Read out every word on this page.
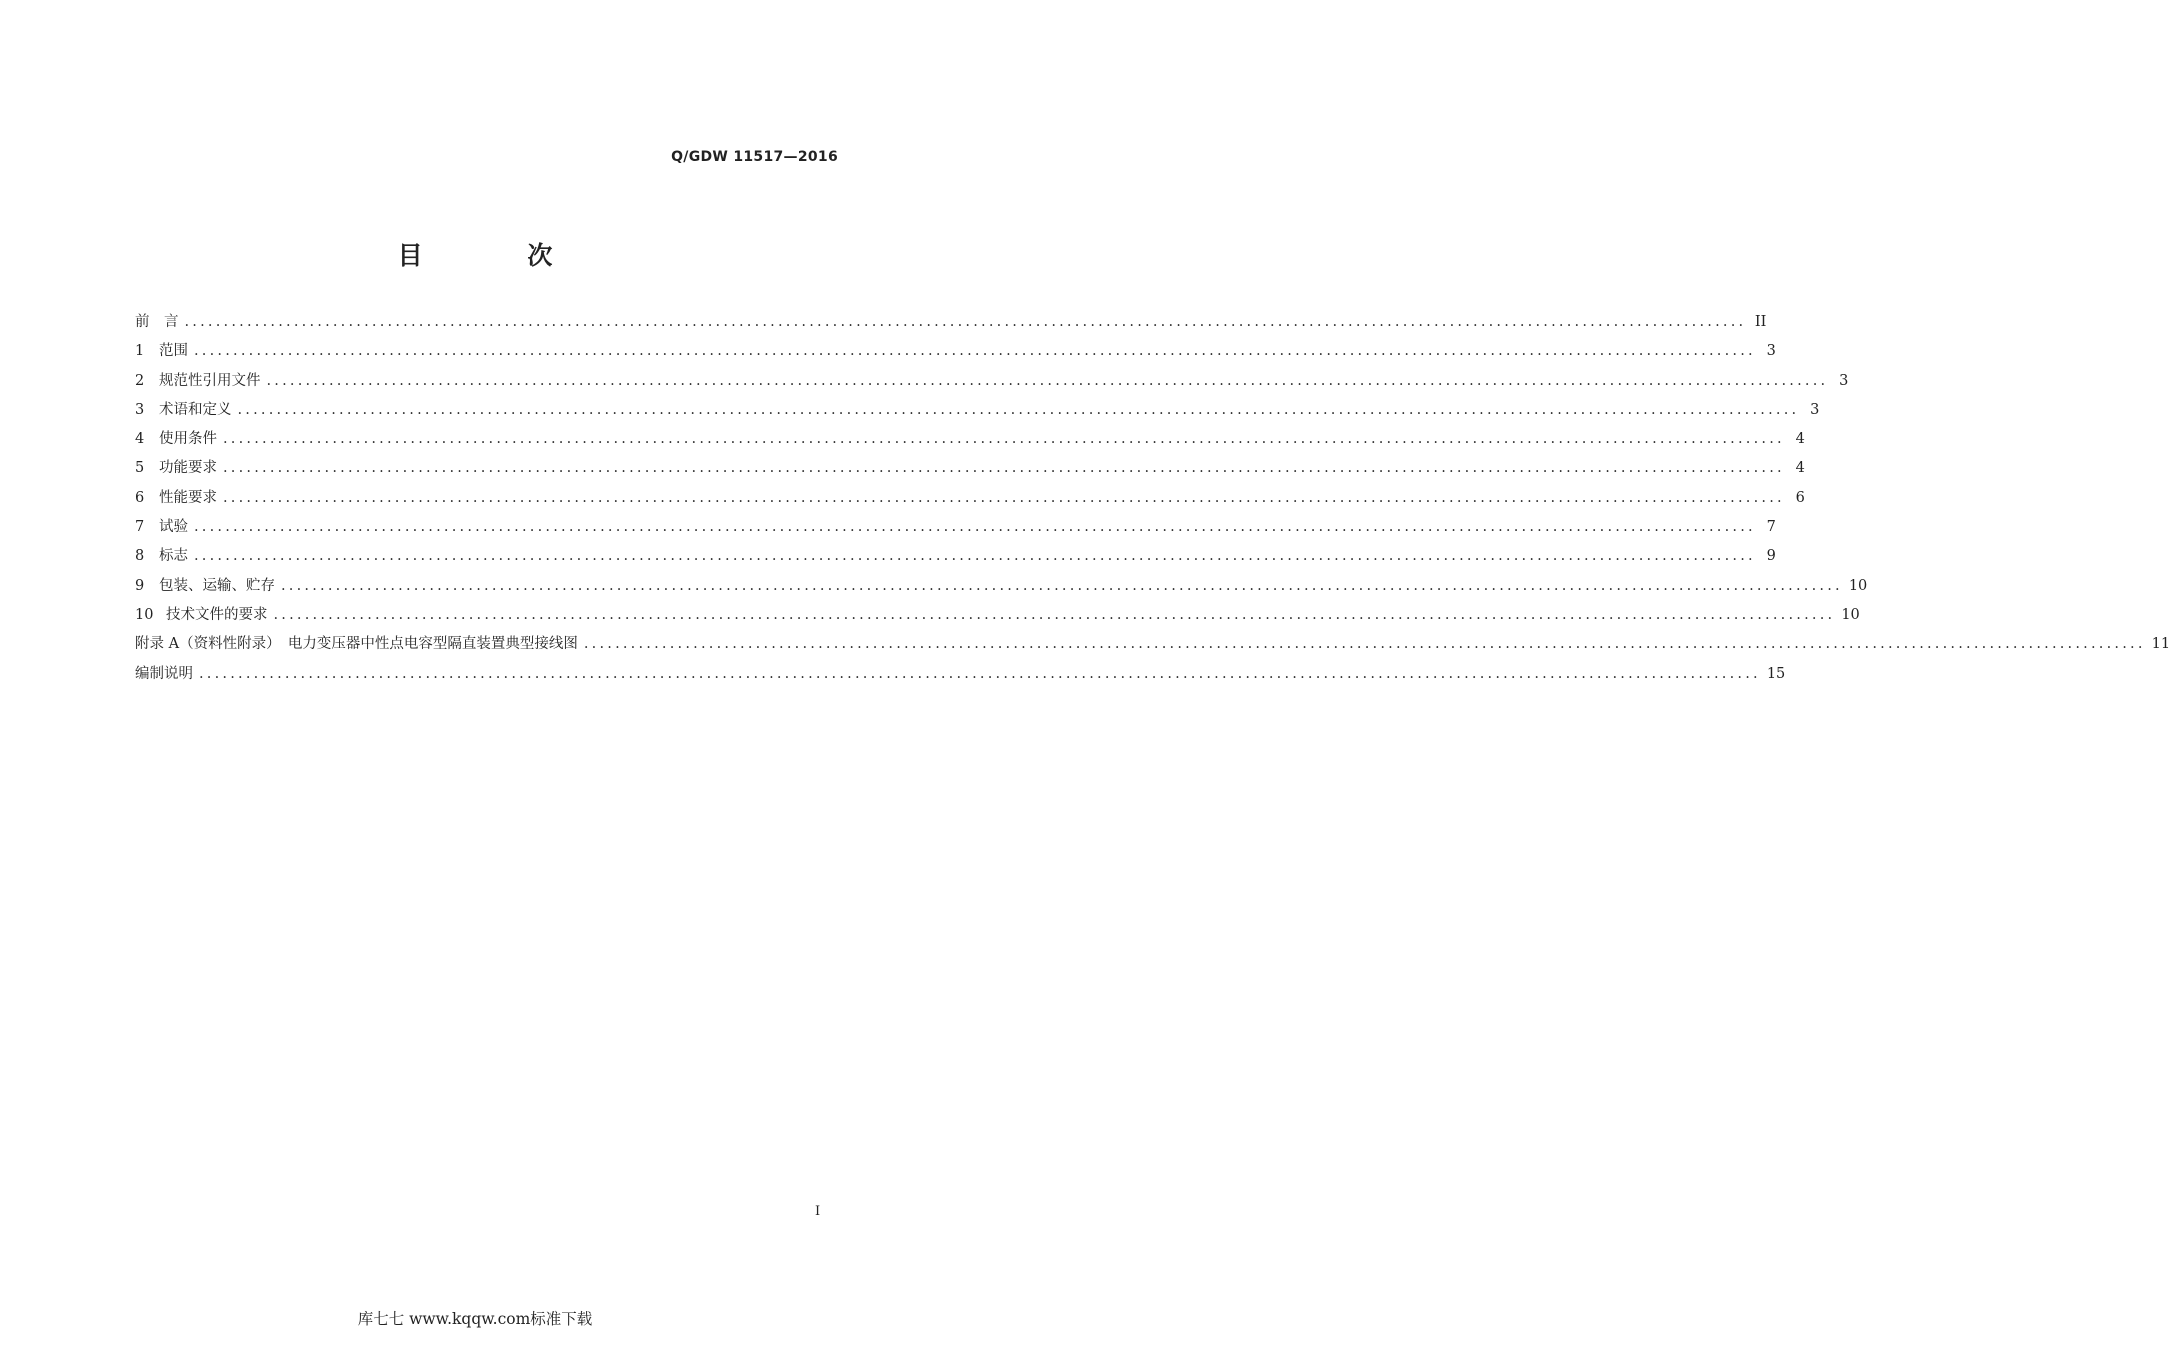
Q/GDW 11517—2016
目 次
前　言 ........................................................................................................................................................................................................ II
1	范围 ........................................................................................................................................................................................................ 3
2	规范性引用文件 ........................................................................................................................................................................................................ 3
3	术语和定义 ........................................................................................................................................................................................................ 3
4	使用条件 ........................................................................................................................................................................................................ 4
5	功能要求 ........................................................................................................................................................................................................ 4
6	性能要求 ........................................................................................................................................................................................................ 6
7	试验 ........................................................................................................................................................................................................ 7
8	标志 ........................................................................................................................................................................................................ 9
9	包装、运输、贮存 ........................................................................................................................................................................................................ 10
10 技术文件的要求 ........................................................................................................................................................................................................ 10
附录 A（资料性附录）　电力变压器中性点电容型隔直装置典型接线图 ........................................................................................................................................................................................................ 11
编制说明 ........................................................................................................................................................................................................ 15
I
库七七 www.kqqw.com标准下载
